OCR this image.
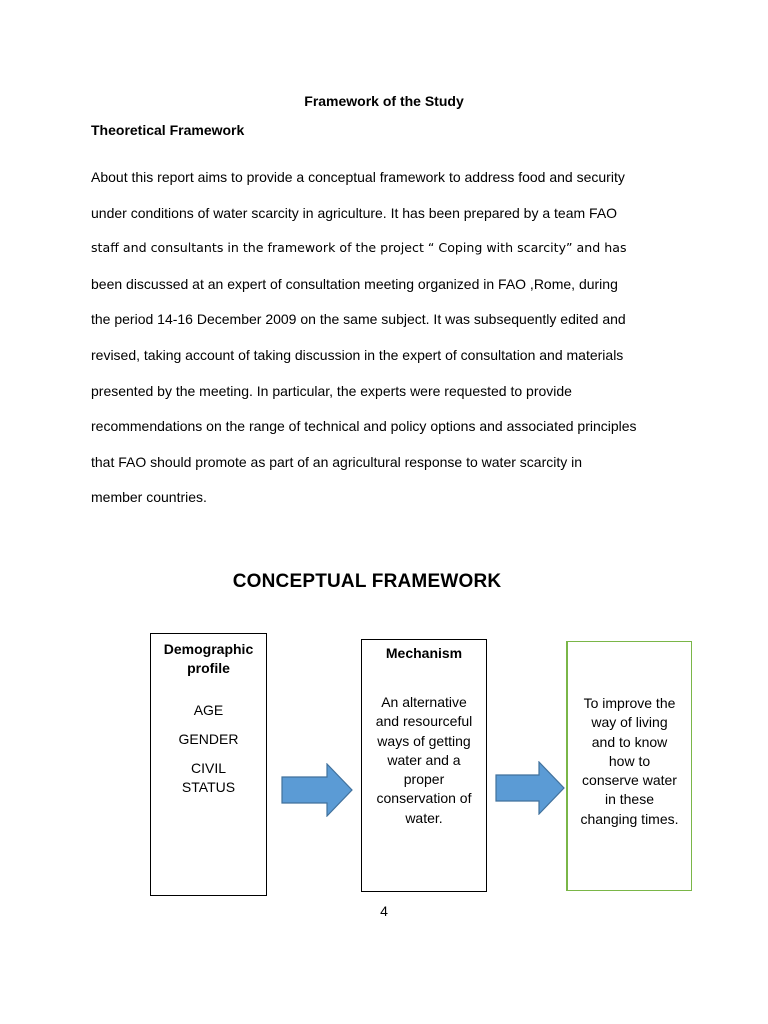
Framework of the Study
Theoretical Framework
About this report aims to provide a conceptual framework to address food and security
under conditions of water scarcity in agriculture. It has been prepared by a team FAO
staff and consultants in the framework of the project “ Coping with scarcity” and has
been discussed at an expert of consultation meeting organized in FAO ,Rome, during
the period 14-16 December 2009 on the same subject. It was subsequently edited and
revised, taking account of taking discussion in the expert of consultation and materials
presented by the meeting. In particular, the experts were requested to provide
recommendations on the range of technical and policy options and associated principles
that FAO should promote as part of an agricultural response to water scarcity in
member countries.
CONCEPTUAL FRAMEWORK
Demographic
profile
AGE
GENDER
CIVIL
STATUS
Mechanism
An alternative
and resourceful
ways of getting
water and a
proper
conservation of
water.
To improve the
way of living
and to know
how to
conserve water
in these
changing times.
4
